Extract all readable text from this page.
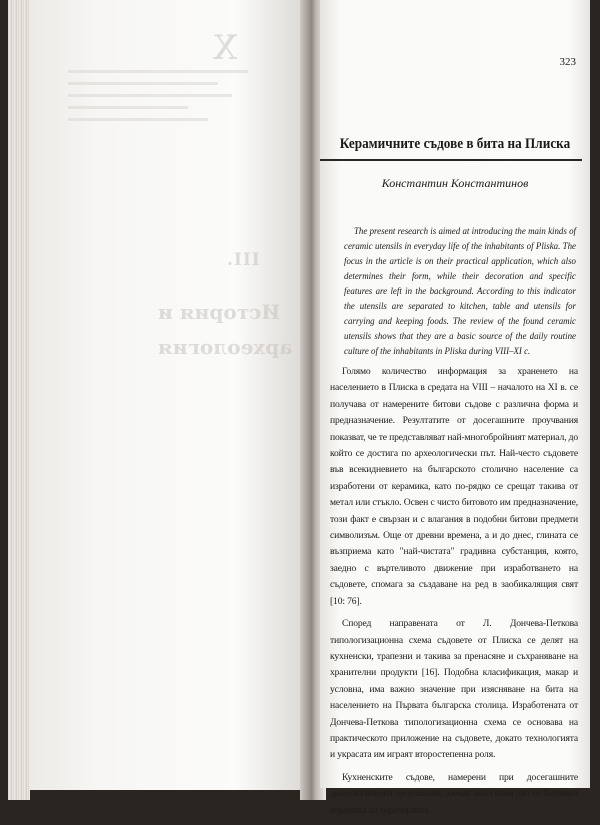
X
III.
История и
археология
323
Керамичните съдове в бита на Плиска
Константин Константинов
The present research is aimed at introducing the main kinds of ceramic utensils in everyday life of the inhabitants of Pliska. The focus in the article is on their practical application, which also determines their form, while their decoration and specific features are left in the background. According to this indicator the utensils are separated to kitchen, table and utensils for carrying and keeping foods. The review of the found ceramic utensils shows that they are a basic source of the daily routine culture of the inhabitants in Pliska during VIII–XI c.

Голямо количество информация за храненето на населението в Плиска в средата на VIII – началото на XI в. се получава от намерените битови съдове с различна форма и предназначение. Резултатите от досегашните проучвания показват, че те представляват най-многобройният материал, до който се достига по археологически път. Най-често съдовете във всекидневието на българското столично население са изработени от керамика, като по-рядко се срещат такива от метал или стъкло. Освен с чисто битовото им предназначение, този факт е свързан и с влагания в подобни битови предмети символизъм. Още от древни времена, а и до днес, глината се възприема като "най-чистата" градивна субстанция, която, заедно с въртеливото движение при изработването на съдовете, спомага за създаване на ред в заобикалящия свят [10: 76].

Според направената от Л. Дончева-Петкова типологизационна схема съдовете от Плиска се делят на кухненски, трапезни и такива за пренасяне и съхраняване на хранителни продукти [16]. Подобна класификация, макар и условна, има важно значение при изясняване на бита на населението на Първата българска столица. Изработената от Дончева-Петкова типологизационна схема се основава на практическото приложение на съдовете, докато технологията и украсата им играят второстепенна роля.

Кухненските съдове, намерени при досегашните археологически проучвания, заемат най-голям дял от битовата керамика на територията
